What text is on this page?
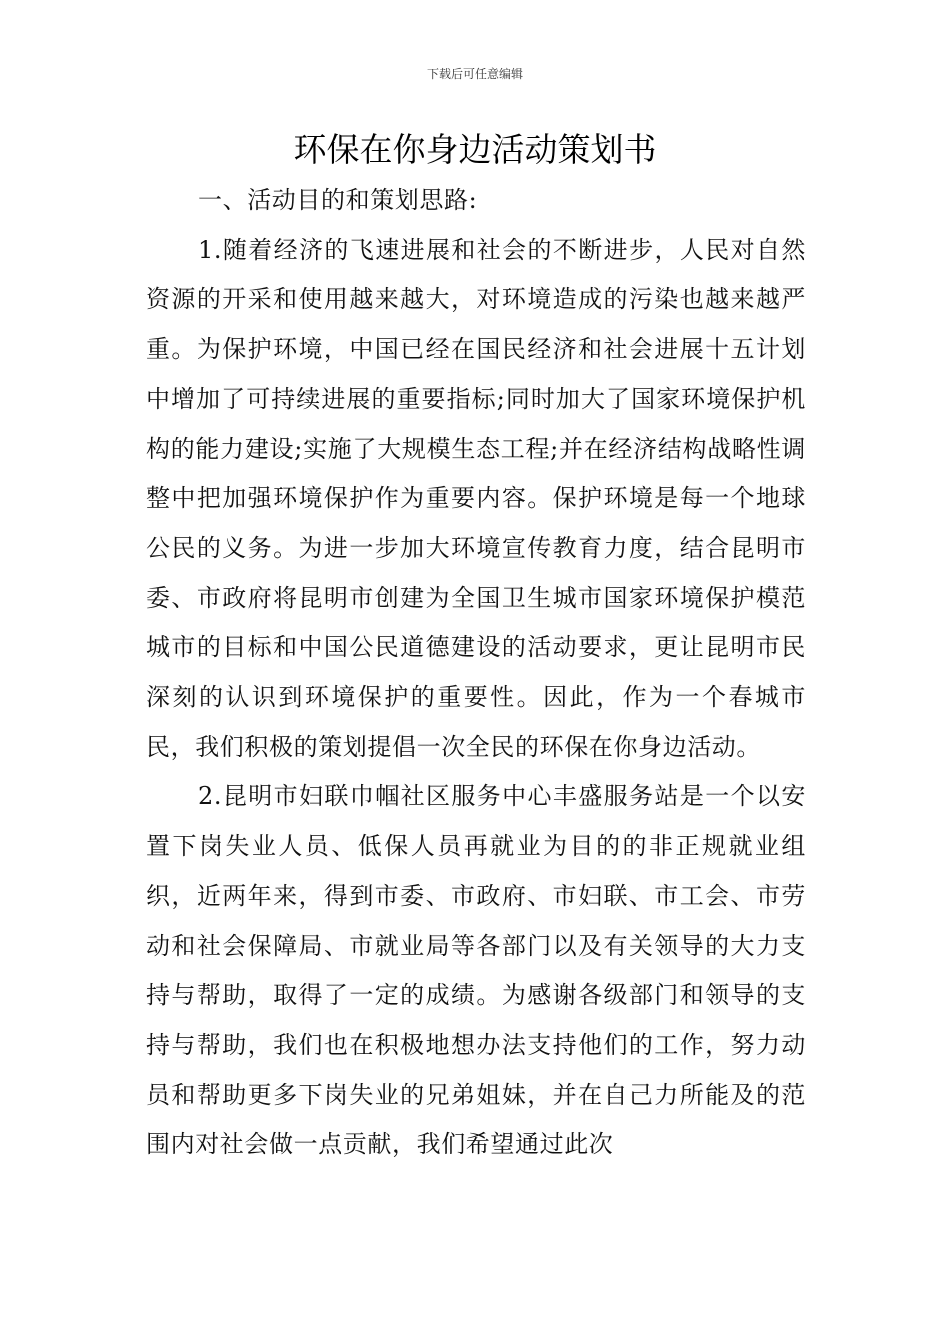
下载后可任意编辑
环保在你身边活动策划书

一、活动目的和策划思路:

1.随着经济的飞速进展和社会的不断进步，人民对自然资源的开采和使用越来越大，对环境造成的污染也越来越严重。为保护环境，中国已经在国民经济和社会进展十五计划中增加了可持续进展的重要指标;同时加大了国家环境保护机构的能力建设;实施了大规模生态工程;并在经济结构战略性调整中把加强环境保护作为重要内容。保护环境是每一个地球公民的义务。为进一步加大环境宣传教育力度，结合昆明市委、市政府将昆明市创建为全国卫生城市国家环境保护模范城市的目标和中国公民道德建设的活动要求，更让昆明市民深刻的认识到环境保护的重要性。因此，作为一个春城市民，我们积极的策划提倡一次全民的环保在你身边活动。

2.昆明市妇联巾帼社区服务中心丰盛服务站是一个以安置下岗失业人员、低保人员再就业为目的的非正规就业组织，近两年来，得到市委、市政府、市妇联、市工会、市劳动和社会保障局、市就业局等各部门以及有关领导的大力支持与帮助，取得了一定的成绩。为感谢各级部门和领导的支持与帮助，我们也在积极地想办法支持他们的工作，努力动员和帮助更多下岗失业的兄弟姐妹，并在自己力所能及的范围内对社会做一点贡献，我们希望通过此次
